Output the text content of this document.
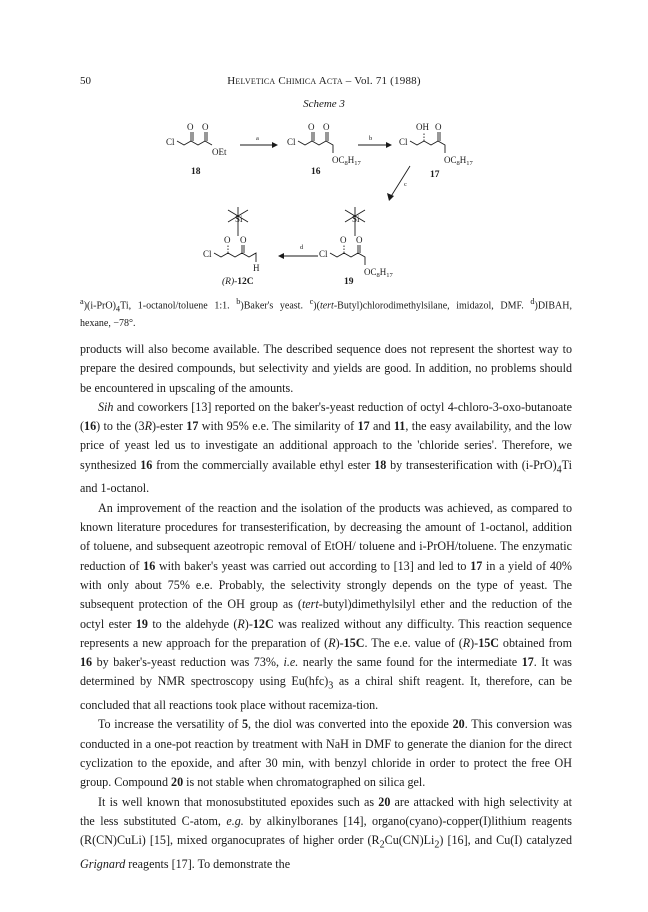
50	Helvetica Chimica Acta – Vol. 71 (1988)
Scheme 3
Cl
O O
OEt
18
a	Cl
O O
$OC_8H_{17}$
16
b	Cl
OH O
$OC_8H_{17}$
17
c
Si
O O
Cl
$OC_8H_{17}$
19
d
Si
O O
Cl
H
(R)-12C
$^a)(i-PrO)_4Ti$, 1-octanol/toluene 1:1. $^b$)Baker's yeast. $^c$)(tert-Butyl)chlorodimethylsilane, imidazol, DMF. $^d$)DIBAH, hexane, −78°.

products will also become available. The described sequence does not represent the shortest way to prepare the desired compounds, but selectivity and yields are good. In addition, no problems should be encountered in upscaling of the amounts.

Sih and coworkers [13] reported on the baker's-yeast reduction of octyl 4-chloro-3-oxo-butanoate (16) to the (3R)-ester 17 with 95% e.e. The similarity of 17 and 11, the easy availability, and the low price of yeast led us to investigate an additional approach to the 'chloride series'. Therefore, we synthesized 16 from the commercially available ethyl ester 18 by transesterification with $(i-PrO)_4Ti$ and 1-octanol.

An improvement of the reaction and the isolation of the products was achieved, as compared to known literature procedures for transesterification, by decreasing the amount of 1-octanol, addition of toluene, and subsequent azeotropic removal of EtOH/ toluene and i-PrOH/toluene. The enzymatic reduction of 16 with baker's yeast was carried out according to [13] and led to 17 in a yield of 40% with only about 75% e.e. Probably, the selectivity strongly depends on the type of yeast. The subsequent protection of the OH group as (tert-butyl)dimethylsilyl ether and the reduction of the octyl ester 19 to the aldehyde (R)-12C was realized without any difficulty. This reaction sequence represents a new approach for the preparation of (R)-15C. The e.e. value of (R)-15C obtained from 16 by baker's-yeast reduction was 73%, i.e. nearly the same found for the intermediate 17. It was determined by NMR spectroscopy using $Eu(hfc)_3$ as a chiral shift reagent. It, therefore, can be concluded that all reactions took place without racemiza-tion.

To increase the versatility of 5, the diol was converted into the epoxide 20. This conversion was conducted in a one-pot reaction by treatment with NaH in DMF to generate the dianion for the direct cyclization to the epoxide, and after 30 min, with benzyl chloride in order to protect the free OH group. Compound 20 is not stable when chromatographed on silica gel.

It is well known that monosubstituted epoxides such as 20 are attacked with high selectivity at the less substituted C-atom, e.g. by alkinylboranes [14], organo(cyano)-copper(I)lithium reagents (R(CN)CuLi) [15], mixed organocuprates of higher order $(R_2Cu(CN)Li_2)$ [16], and Cu(I) catalyzed Grignard reagents [17]. To demonstrate the
